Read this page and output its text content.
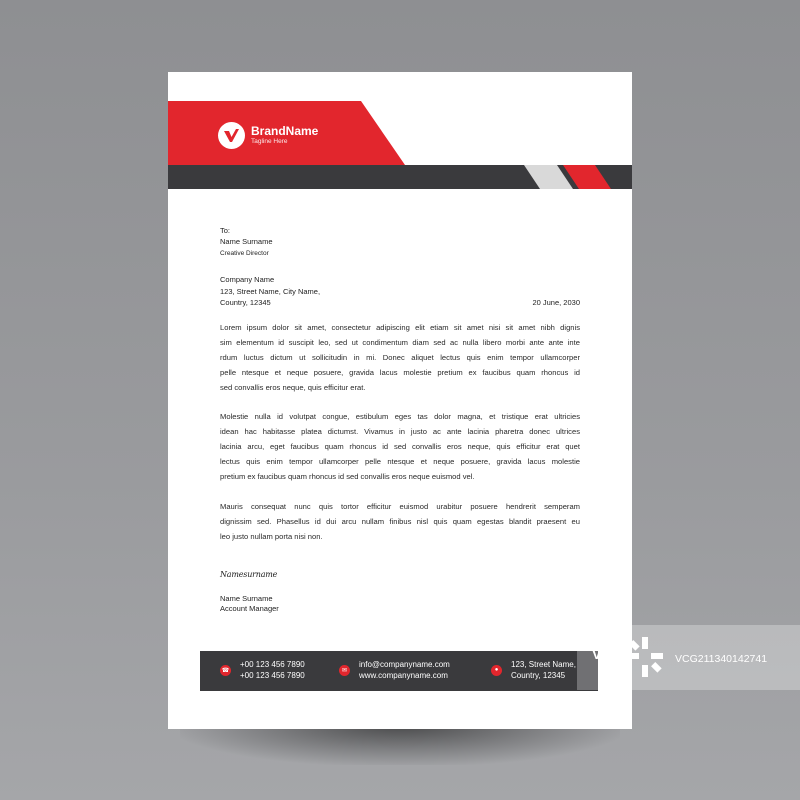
BrandName
Tagline Here
To:
Name Surname
Creative Director
Company Name
123, Street Name, City Name,
Country, 12345	20 June, 2030
Lorem ipsum dolor sit amet, consectetur adipiscing elit etiam sit amet nisi sit amet nibh dignis
sim elementum id suscipit leo, sed ut condimentum diam sed ac nulla libero morbi ante ante inte
rdum luctus dictum ut sollicitudin in mi. Donec aliquet lectus quis enim tempor ullamcorper
pelle ntesque et neque posuere, gravida lacus molestie pretium ex faucibus quam rhoncus id
sed convallis eros neque, quis efficitur erat.
Molestie nulla id volutpat congue, estibulum eges tas dolor magna, et tristique erat ultricies
idean hac habitasse platea dictumst. Vivamus in justo ac ante lacinia pharetra donec ultrices
lacinia arcu, eget faucibus quam rhoncus id sed convallis eros neque, quis efficitur erat quet
lectus quis enim tempor ullamcorper pelle ntesque et neque posuere, gravida lacus molestie
pretium ex faucibus quam rhoncus id sed convallis eros neque euismod vel.
Mauris consequat nunc quis tortor efficitur euismod urabitur posuere hendrerit semperam
dignissim sed. Phasellus id dui arcu nullam finibus nisl quis quam egestas blandit praesent eu
leo justo nullam porta nisi non.
Namesurname
Name Surname
Account Manager
☎
+00 123 456 7890
+00 123 456 7890
✉
info@companyname.com
www.companyname.com
●
123, Street Name,
Country, 12345
VCG	VCG211340142741
